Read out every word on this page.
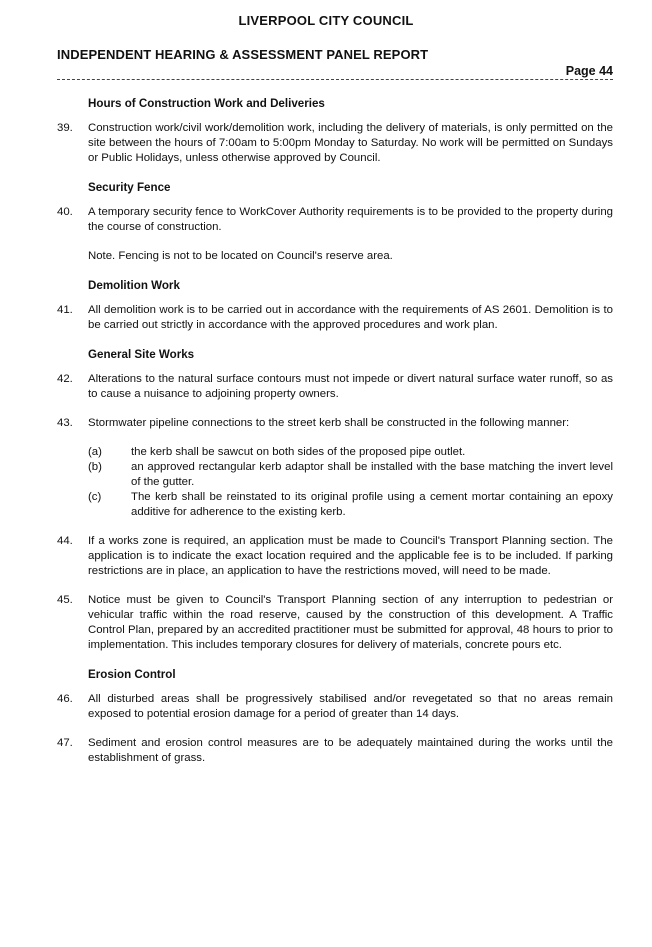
LIVERPOOL CITY COUNCIL
INDEPENDENT HEARING & ASSESSMENT PANEL REPORT
Page 44
Hours of Construction Work and Deliveries
39.	Construction work/civil work/demolition work, including the delivery of materials, is only permitted on the site between the hours of 7:00am to 5:00pm Monday to Saturday. No work will be permitted on Sundays or Public Holidays, unless otherwise approved by Council.
Security Fence
40.	A temporary security fence to WorkCover Authority requirements is to be provided to the property during the course of construction.
Note. Fencing is not to be located on Council's reserve area.
Demolition Work
41.	All demolition work is to be carried out in accordance with the requirements of AS 2601. Demolition is to be carried out strictly in accordance with the approved procedures and work plan.
General Site Works
42.	Alterations to the natural surface contours must not impede or divert natural surface water runoff, so as to cause a nuisance to adjoining property owners.
43.	Stormwater pipeline connections to the street kerb shall be constructed in the following manner:
(a)	the kerb shall be sawcut on both sides of the proposed pipe outlet.
(b)	an approved rectangular kerb adaptor shall be installed with the base matching the invert level of the gutter.
(c)	The kerb shall be reinstated to its original profile using a cement mortar containing an epoxy additive for adherence to the existing kerb.
44.	If a works zone is required, an application must be made to Council's Transport Planning section. The application is to indicate the exact location required and the applicable fee is to be included. If parking restrictions are in place, an application to have the restrictions moved, will need to be made.
45.	Notice must be given to Council's Transport Planning section of any interruption to pedestrian or vehicular traffic within the road reserve, caused by the construction of this development. A Traffic Control Plan, prepared by an accredited practitioner must be submitted for approval, 48 hours to prior to implementation. This includes temporary closures for delivery of materials, concrete pours etc.
Erosion Control
46.	All disturbed areas shall be progressively stabilised and/or revegetated so that no areas remain exposed to potential erosion damage for a period of greater than 14 days.
47.	Sediment and erosion control measures are to be adequately maintained during the works until the establishment of grass.
